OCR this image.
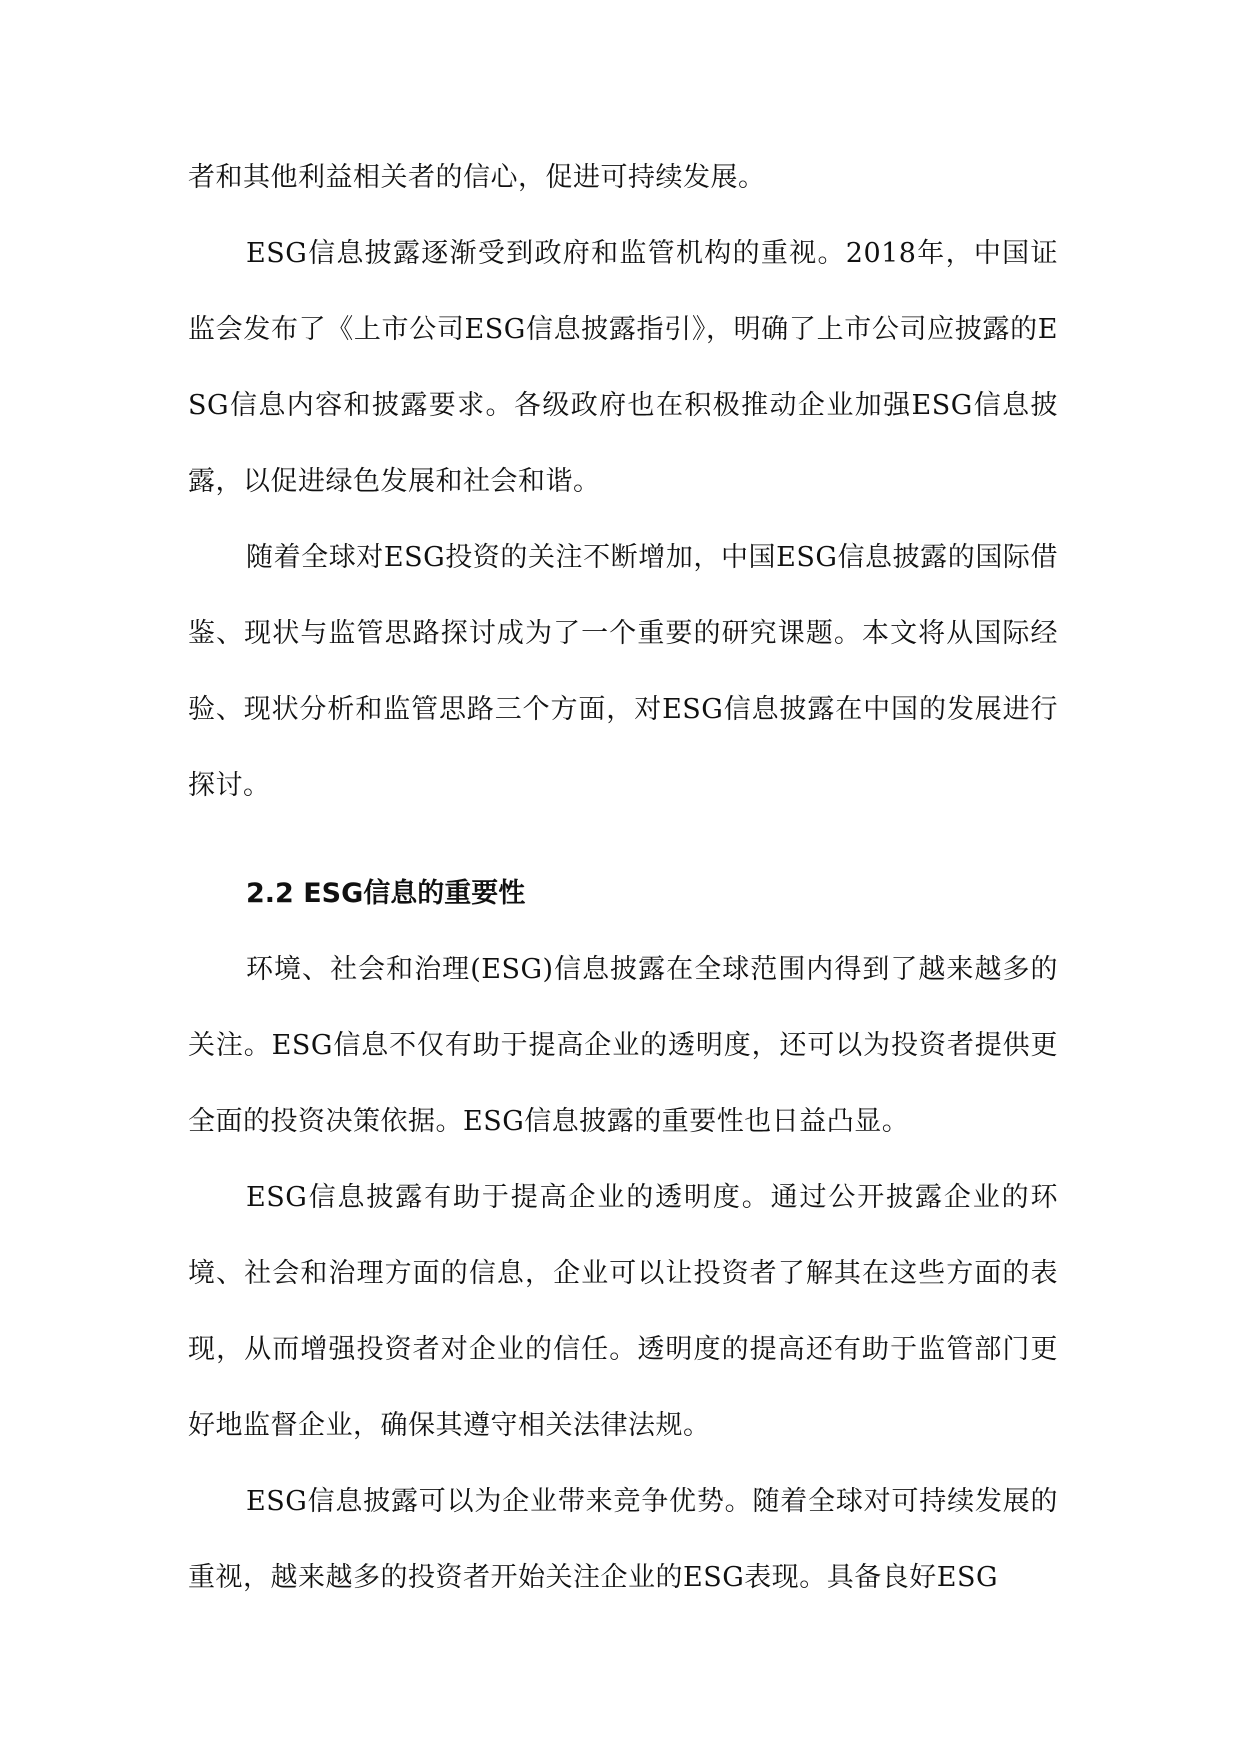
者和其他利益相关者的信心，促进可持续发展。

ESG信息披露逐渐受到政府和监管机构的重视。2018年，中国证监会发布了《上市公司ESG信息披露指引》，明确了上市公司应披露的ESG信息内容和披露要求。各级政府也在积极推动企业加强ESG信息披露，以促进绿色发展和社会和谐。

随着全球对ESG投资的关注不断增加，中国ESG信息披露的国际借鉴、现状与监管思路探讨成为了一个重要的研究课题。本文将从国际经验、现状分析和监管思路三个方面，对ESG信息披露在中国的发展进行探讨。

2.2 ESG信息的重要性

环境、社会和治理(ESG)信息披露在全球范围内得到了越来越多的关注。ESG信息不仅有助于提高企业的透明度，还可以为投资者提供更全面的投资决策依据。ESG信息披露的重要性也日益凸显。

ESG信息披露有助于提高企业的透明度。通过公开披露企业的环境、社会和治理方面的信息，企业可以让投资者了解其在这些方面的表现，从而增强投资者对企业的信任。透明度的提高还有助于监管部门更好地监督企业，确保其遵守相关法律法规。

ESG信息披露可以为企业带来竞争优势。随着全球对可持续发展的重视，越来越多的投资者开始关注企业的ESG表现。具备良好ESG
